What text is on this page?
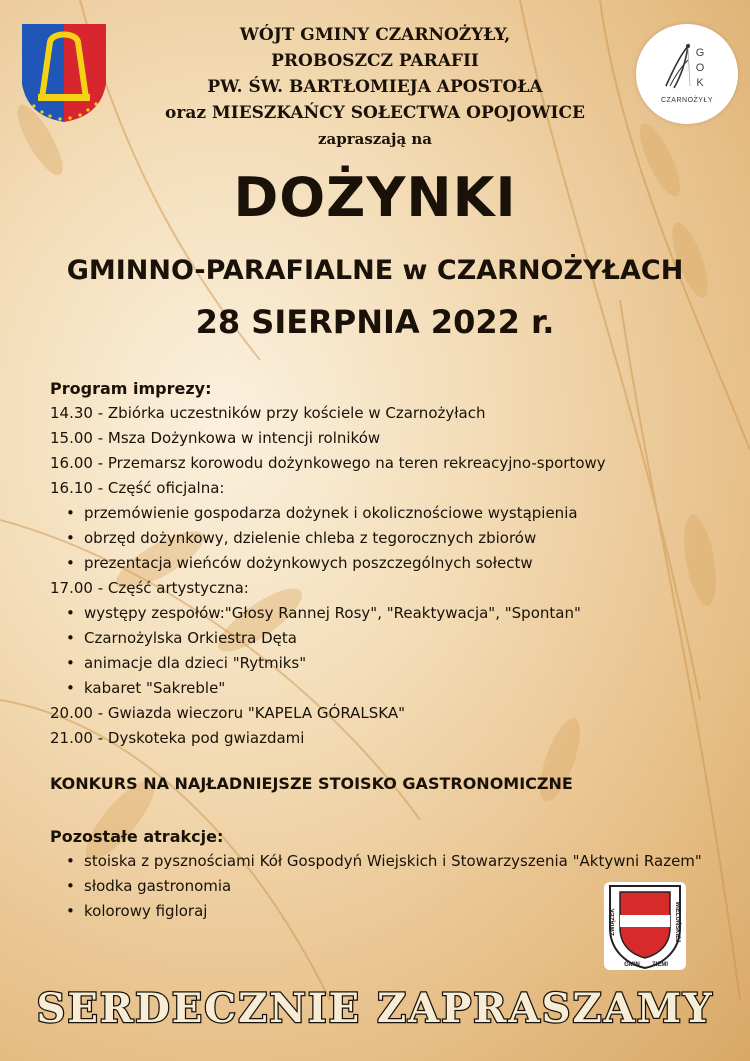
G
O
K
CZARNOŻYŁY
WÓJT GMINY CZARNOŻYŁY,
PROBOSZCZ PARAFII
PW. ŚW. BARTŁOMIEJA APOSTOŁA
oraz MIESZKAŃCY SOŁECTWA OPOJOWICE
zapraszają na
DOŻYNKI
GMINNO-PARAFIALNE w CZARNOŻYŁACH
28 SIERPNIA 2022 r.
Program imprezy:
14.30 - Zbiórka uczestników przy kościele w Czarnożyłach
15.00 - Msza Dożynkowa w intencji rolników
16.00 - Przemarsz korowodu dożynkowego na teren rekreacyjno-sportowy
16.10 - Część oficjalna:
• przemówienie gospodarza dożynek i okolicznościowe wystąpienia
• obrzęd dożynkowy, dzielenie chleba z tegorocznych zbiorów
• prezentacja wieńców dożynkowych poszczególnych sołectw
17.00 - Część artystyczna:
• występy zespołów:"Głosy Rannej Rosy", "Reaktywacja", "Spontan"
• Czarnożylska Orkiestra Dęta
• animacje dla dzieci "Rytmiks"
• kabaret "Sakreble"
20.00 - Gwiazda wieczoru "KAPELA GÓRALSKA"
21.00 - Dyskoteka pod gwiazdami
KONKURS NA NAJŁADNIEJSZE STOISKO GASTRONOMICZNE
Pozostałe atrakcje:
• stoiska z pysznościami Kół Gospodyń Wiejskich i Stowarzyszenia "Aktywni Razem"
• słodka gastronomia
• kolorowy figloraj	ZWIĄZEK	WIELUŃSKIEJ
GMIN ZIEMI
SERDECZNIE ZAPRASZAMY
